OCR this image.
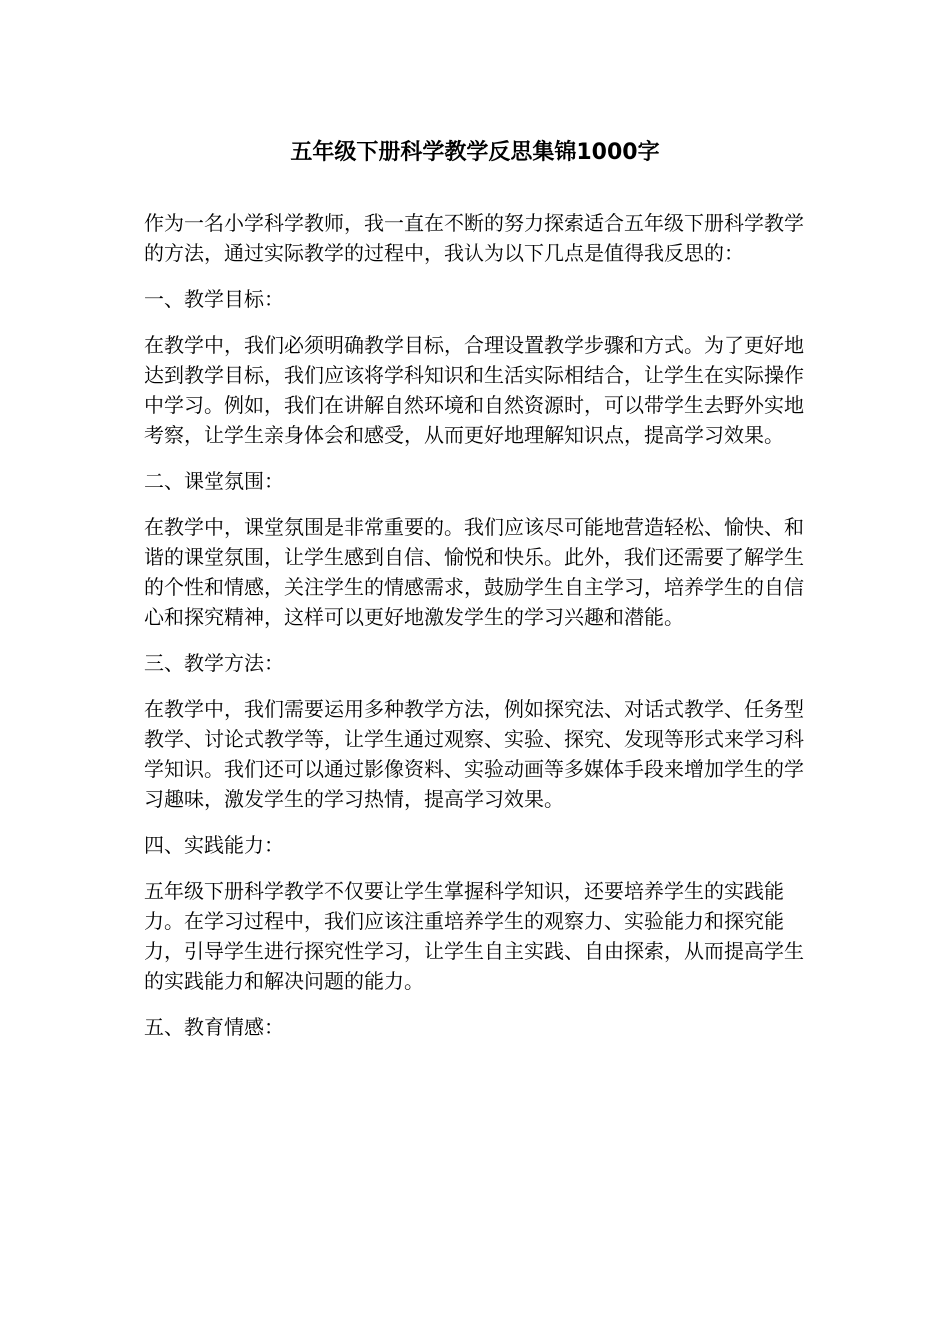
五年级下册科学教学反思集锦1000字

作为一名小学科学教师，我一直在不断的努力探索适合五年级下册科学教学的方法，通过实际教学的过程中，我认为以下几点是值得我反思的：

一、教学目标：

在教学中，我们必须明确教学目标，合理设置教学步骤和方式。为了更好地达到教学目标，我们应该将学科知识和生活实际相结合，让学生在实际操作中学习。例如，我们在讲解自然环境和自然资源时，可以带学生去野外实地考察，让学生亲身体会和感受，从而更好地理解知识点，提高学习效果。

二、课堂氛围：

在教学中，课堂氛围是非常重要的。我们应该尽可能地营造轻松、愉快、和谐的课堂氛围，让学生感到自信、愉悦和快乐。此外，我们还需要了解学生的个性和情感，关注学生的情感需求，鼓励学生自主学习，培养学生的自信心和探究精神，这样可以更好地激发学生的学习兴趣和潜能。

三、教学方法：

在教学中，我们需要运用多种教学方法，例如探究法、对话式教学、任务型教学、讨论式教学等，让学生通过观察、实验、探究、发现等形式来学习科学知识。我们还可以通过影像资料、实验动画等多媒体手段来增加学生的学习趣味，激发学生的学习热情，提高学习效果。

四、实践能力：

五年级下册科学教学不仅要让学生掌握科学知识，还要培养学生的实践能力。在学习过程中，我们应该注重培养学生的观察力、实验能力和探究能力，引导学生进行探究性学习，让学生自主实践、自由探索，从而提高学生的实践能力和解决问题的能力。

五、教育情感：
